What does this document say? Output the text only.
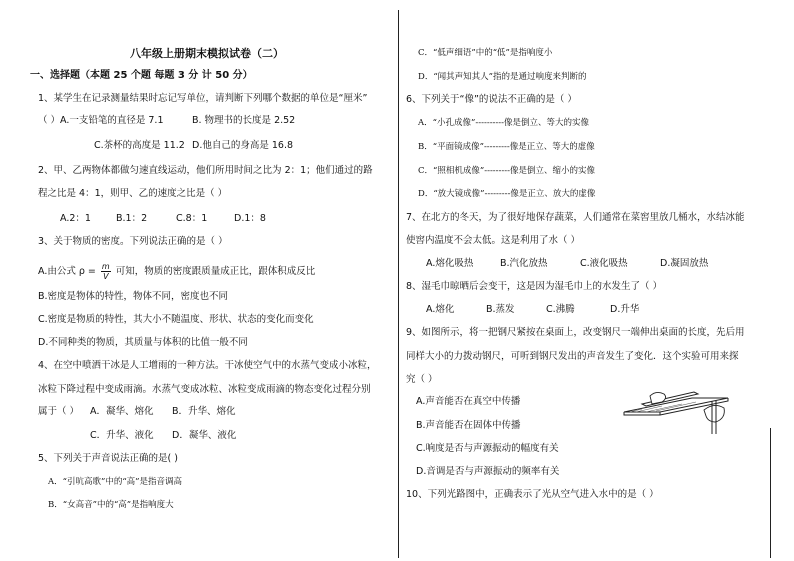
八年级上册期末模拟试卷（二）
一、选择题（本题 25 个题 每题 3 分 计 50 分）
1、某学生在记录测量结果时忘记写单位，请判断下列哪个数据的单位是“厘米”
（ ）A.一支铅笔的直径是 7.1	B. 物理书的长度是 2.52
C.茶杯的高度是 11.2 D.他自己的身高是 16.8
2、甲、乙两物体都做匀速直线运动，他们所用时间之比为 2：1；他们通过的路
程之比是 4：1，则甲、乙的速度之比是（ ）
A.2：1	B.1：2	C.8：1	D.1：8
3、关于物质的密度。下列说法正确的是（ ）
A.由公式 $\rho = \frac{m}{V}$ 可知，物质的密度跟质量成正比，跟体积成反比
B.密度是物体的特性，物体不同，密度也不同
C.密度是物质的特性，其大小不随温度、形状、状态的变化而变化
D.不同种类的物质，其质量与体积的比值一般不同
4、在空中喷洒干冰是人工增雨的一种方法。干冰使空气中的水蒸气变成小冰粒，
冰粒下降过程中变成雨滴。水蒸气变成冰粒、冰粒变成雨滴的物态变化过程分别
属于（ ） A．凝华、熔化 B．升华、熔化
C．升华、液化 D．凝华、液化
5、下列关于声音说法正确的是( )
A．“引吭高歌”中的“高”是指音调高
B．“女高音”中的“高”是指响度大
C．“低声细语”中的“低”是指响度小
D．“闻其声知其人”指的是通过响度来判断的
6、下列关于“像”的说法不正确的是（ ）
A．“小孔成像”----------像是倒立、等大的实像
B．“平面镜成像”---------像是正立、等大的虚像
C．“照相机成像”---------像是倒立、缩小的实像
D．“放大镜成像”---------像是正立、放大的虚像
7、在北方的冬天，为了很好地保存蔬菜，人们通常在菜窖里放几桶水，水结冰能
使窖内温度不会太低。这是利用了水（ ）
A.熔化吸热	B.汽化放热	C.液化吸热	D.凝固放热
8、湿毛巾晾晒后会变干，这是因为湿毛巾上的水发生了（ ）
A.熔化	B.蒸发	C.沸腾	D.升华
9、如图所示，将一把钢尺紧按在桌面上，改变钢尺一端伸出桌面的长度，先后用
同样大小的力拨动钢尺，可听到钢尺发出的声音发生了变化．这个实验可用来探
究（ ）
A.声音能否在真空中传播
B.声音能否在固体中传播
C.响度是否与声源振动的幅度有关
D.音调是否与声源振动的频率有关
10、下列光路图中，正确表示了光从空气进入水中的是（ ）
